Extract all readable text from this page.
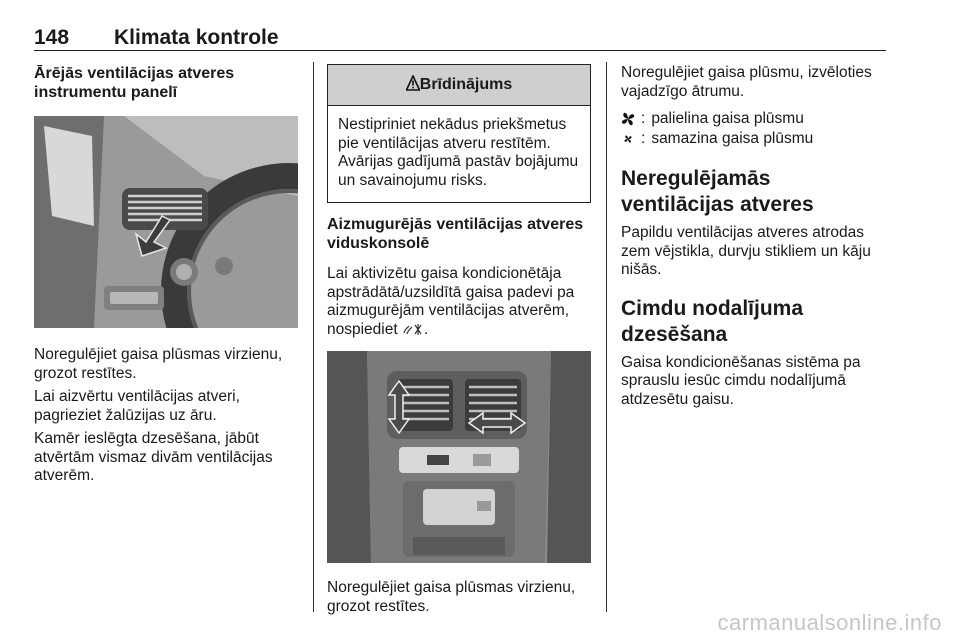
148 Klimata kontrole
Ārējās ventilācijas atveres instrumentu panelī

Noregulējiet gaisa plūsmas virzienu, grozot restītes.

Lai aizvērtu ventilācijas atveri, pagrieziet žalūzijas uz āru.

Kamēr ieslēgta dzesēšana, jābūt atvērtām vismaz divām ventilācijas atverēm.

Brīdinājums

Nestipriniet nekādus priekšmetus pie ventilācijas atveru restītēm. Avārijas gadījumā pastāv bojājumu un savainojumu risks.

Aizmugurējās ventilācijas atveres viduskonsolē

Lai aktivizētu gaisa kondicionētāja apstrādātā/uzsildītā gaisa padevi pa aizmugurējām ventilācijas atverēm, nospiediet .

Noregulējiet gaisa plūsmas virzienu, grozot restītes.

Noregulējiet gaisa plūsmu, izvēloties vajadzīgo ātrumu.

: palielina gaisa plūsmu
: samazina gaisa plūsmu
Neregulējamās ventilācijas atveres

Papildu ventilācijas atveres atrodas zem vējstikla, durvju stikliem un kāju nišās.

Cimdu nodalījuma dzesēšana

Gaisa kondicionēšanas sistēma pa sprauslu iesūc cimdu nodalījumā atdzesētu gaisu.

carmanualsonline.info
